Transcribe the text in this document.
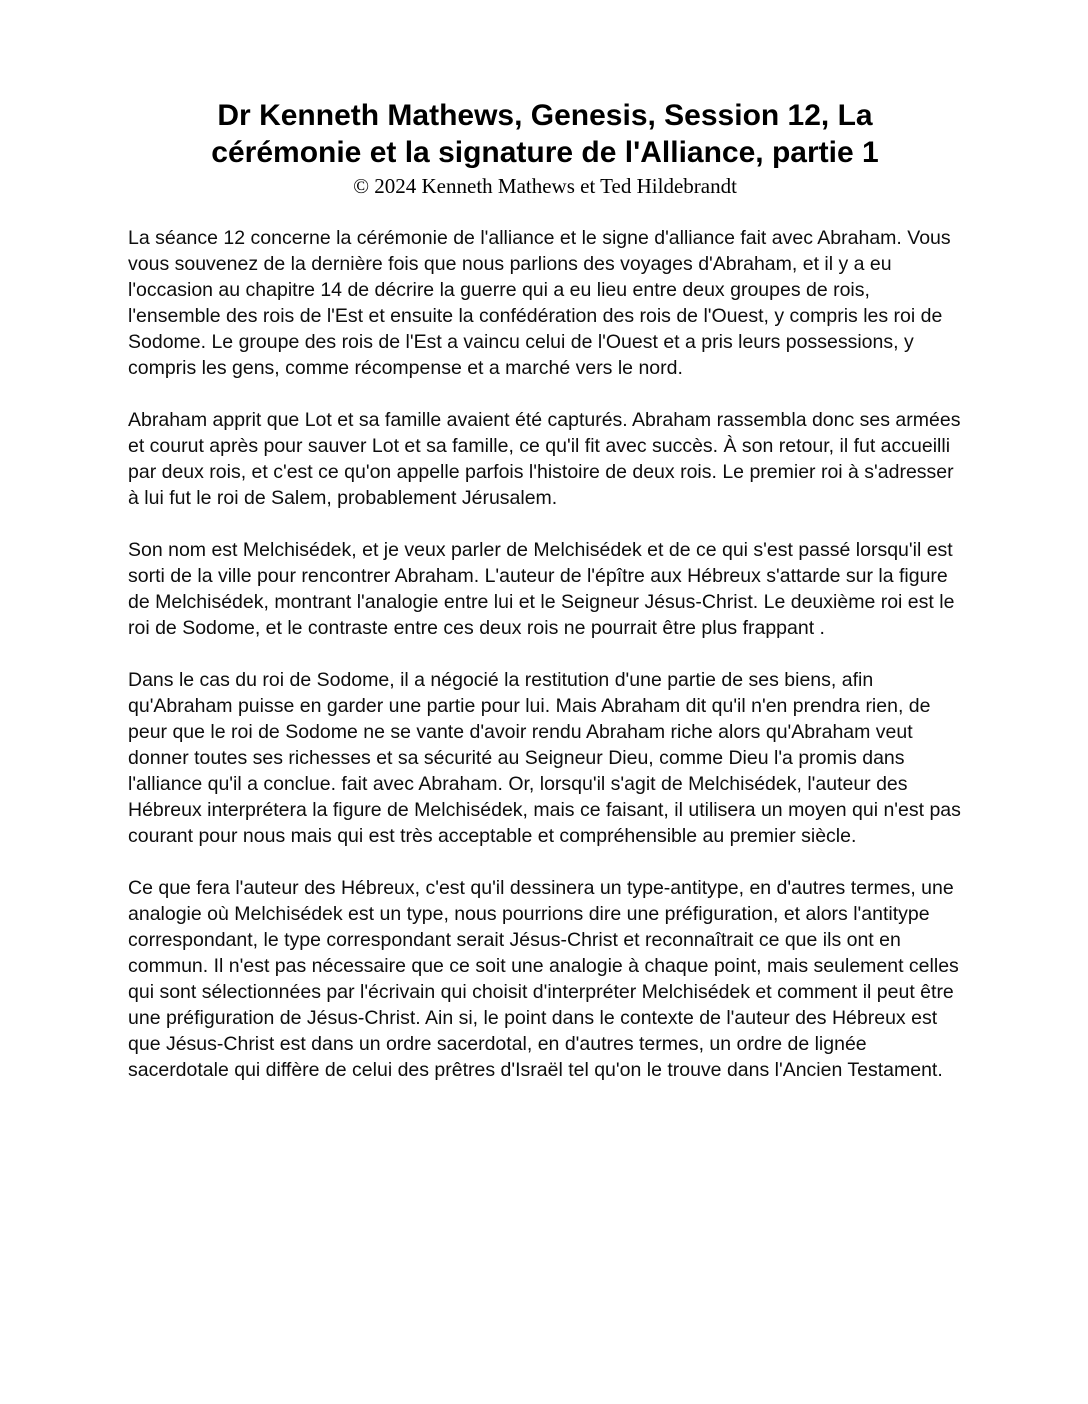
Dr Kenneth Mathews, Genesis, Session 12, La
cérémonie et la signature de l'Alliance, partie 1
© 2024 Kenneth Mathews et Ted Hildebrandt

La séance 12 concerne la cérémonie de l'alliance et le signe d'alliance fait avec Abraham. Vous vous souvenez de la dernière fois que nous parlions des voyages d'Abraham, et il y a eu l'occasion au chapitre 14 de décrire la guerre qui a eu lieu entre deux groupes de rois, l'ensemble des rois de l'Est et ensuite la confédération des rois de l'Ouest, y compris les roi de Sodome. Le groupe des rois de l'Est a vaincu celui de l'Ouest et a pris leurs possessions, y compris les gens, comme récompense et a marché vers le nord.

Abraham apprit que Lot et sa famille avaient été capturés. Abraham rassembla donc ses armées et courut après pour sauver Lot et sa famille, ce qu'il fit avec succès. À son retour, il fut accueilli par deux rois, et c'est ce qu'on appelle parfois l'histoire de deux rois. Le premier roi à s'adresser à lui fut le roi de Salem, probablement Jérusalem.

Son nom est Melchisédek, et je veux parler de Melchisédek et de ce qui s'est passé lorsqu'il est sorti de la ville pour rencontrer Abraham. L'auteur de l'épître aux Hébreux s'attarde sur la figure de Melchisédek, montrant l'analogie entre lui et le Seigneur Jésus-Christ. Le deuxième roi est le roi de Sodome, et le contraste entre ces deux rois ne pourrait être plus frappant .

Dans le cas du roi de Sodome, il a négocié la restitution d'une partie de ses biens, afin qu'Abraham puisse en garder une partie pour lui. Mais Abraham dit qu'il n'en prendra rien, de peur que le roi de Sodome ne se vante d'avoir rendu Abraham riche alors qu'Abraham veut donner toutes ses richesses et sa sécurité au Seigneur Dieu, comme Dieu l'a promis dans l'alliance qu'il a conclue. fait avec Abraham. Or, lorsqu'il s'agit de Melchisédek, l'auteur des Hébreux interprétera la figure de Melchisédek, mais ce faisant, il utilisera un moyen qui n'est pas courant pour nous mais qui est très acceptable et compréhensible au premier siècle.

Ce que fera l'auteur des Hébreux, c'est qu'il dessinera un type-antitype, en d'autres termes, une analogie où Melchisédek est un type, nous pourrions dire une préfiguration, et alors l'antitype correspondant, le type correspondant serait Jésus-Christ et reconnaîtrait ce que ils ont en commun. Il n'est pas nécessaire que ce soit une analogie à chaque point, mais seulement celles qui sont sélectionnées par l'écrivain qui choisit d'interpréter Melchisédek et comment il peut être une préfiguration de Jésus-Christ. Ain si, le point dans le contexte de l'auteur des Hébreux est que Jésus-Christ est dans un ordre sacerdotal, en d'autres termes, un ordre de lignée sacerdotale qui diffère de celui des prêtres d'Israël tel qu'on le trouve dans l'Ancien Testament.
